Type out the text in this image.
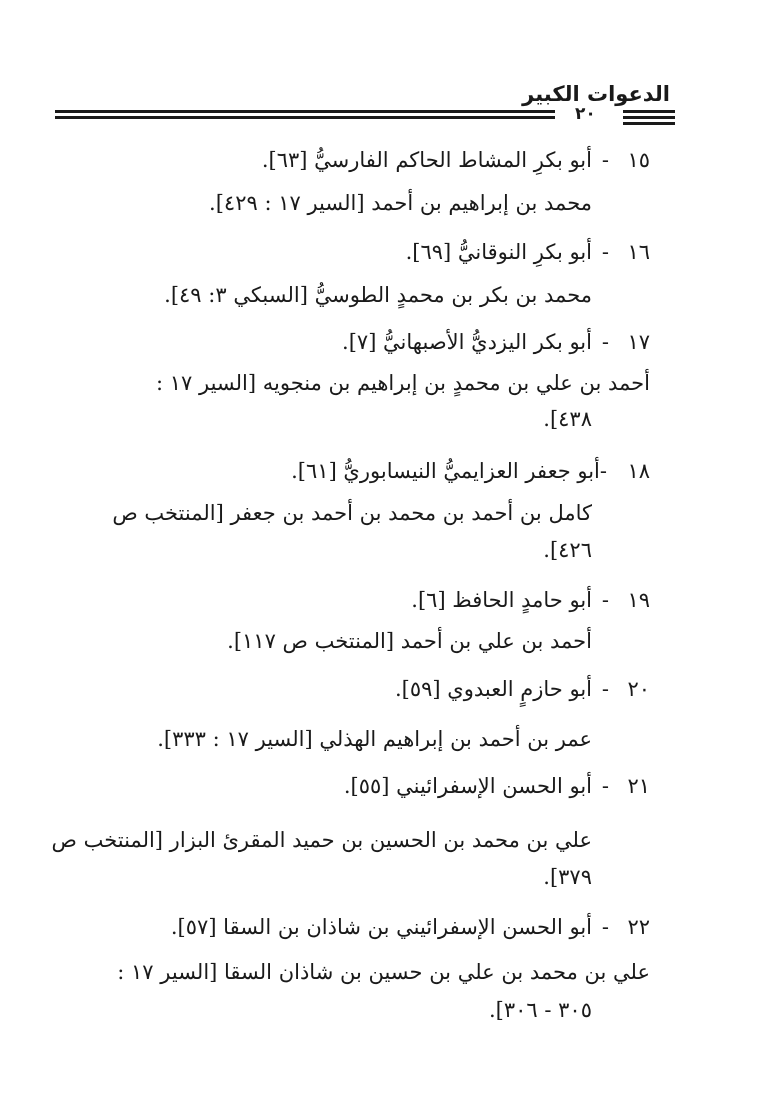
الدعوات الكبير
٢٠
١٥
-
أبو بكرِ المشاط الحاكم الفارسيُّ [٦٣].
محمد بن إبراهيم بن أحمد [السير ١٧ : ٤٢٩].
١٦
-
أبو بكرِ النوقانيُّ [٦٩].
محمد بن بكر بن محمدٍ الطوسيُّ [السبكي ٣: ٤٩].
١٧
-
أبو بكر اليزديُّ الأصبهانيُّ [٧].
أحمد بن علي بن محمدٍ بن إبراهيم بن منجويه [السير ١٧ :
٤٣٨].
١٨
-أبو جعفر العزايميُّ النيسابوريُّ [٦١].
كامل بن أحمد بن محمد بن أحمد بن جعفر [المنتخب ص
٤٢٦].
١٩
-
أبو حامدٍ الحافظ [٦].
أحمد بن علي بن أحمد [المنتخب ص ١١٧].
٢٠
-
أبو حازمٍ العبدوي [٥٩].
عمر بن أحمد بن إبراهيم الهذلي [السير ١٧ : ٣٣٣].
٢١
-
أبو الحسن الإسفرائيني [٥٥].
علي بن محمد بن الحسين بن حميد المقرئ البزار [المنتخب ص
٣٧٩].
٢٢
-
أبو الحسن الإسفرائيني بن شاذان بن السقا [٥٧].
علي بن محمد بن علي بن حسين بن شاذان السقا [السير ١٧ :
٣٠٥ - ٣٠٦].
